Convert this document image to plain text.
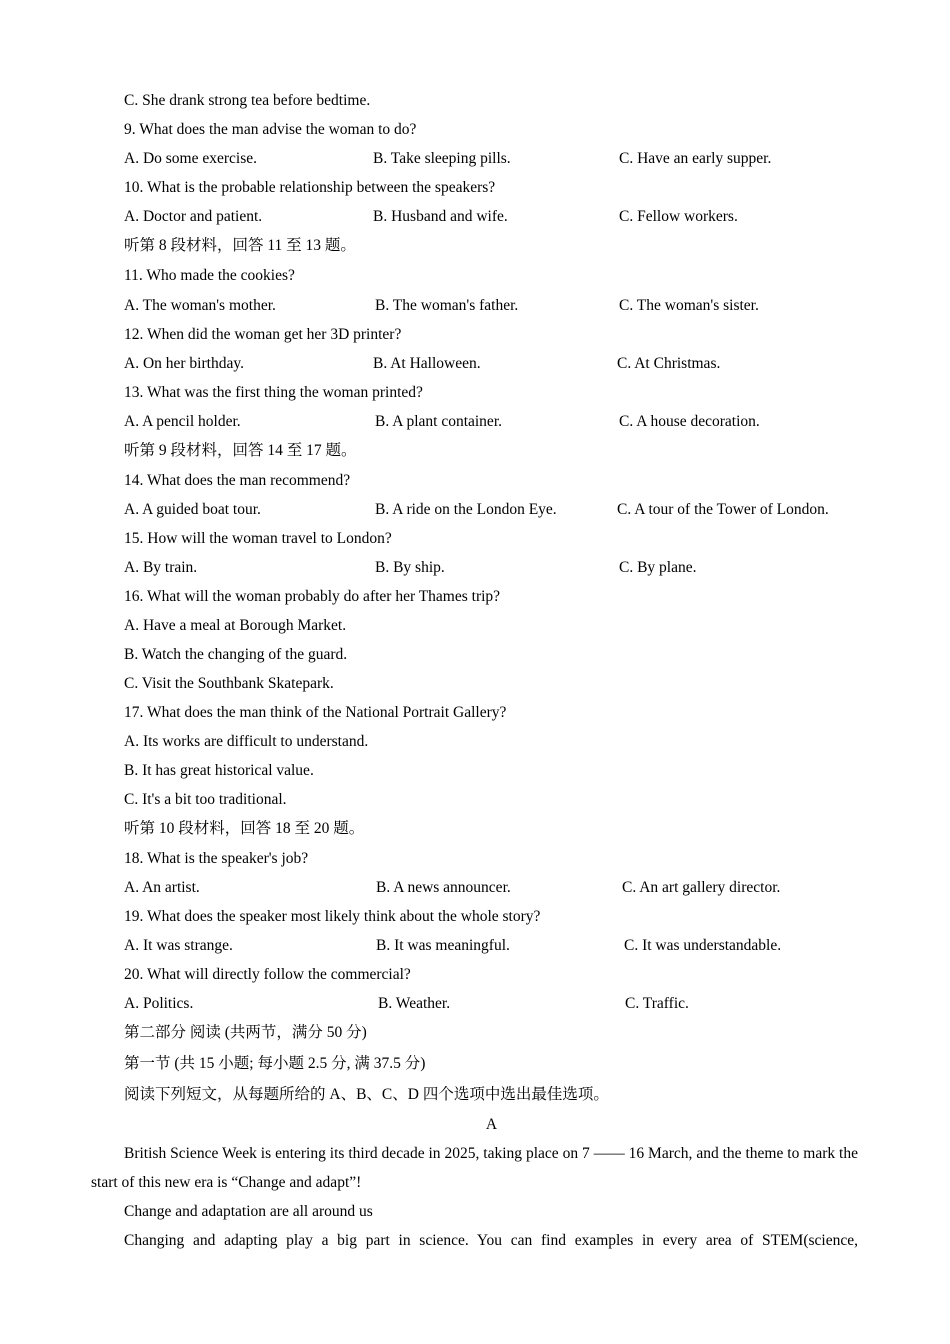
C. She drank strong tea before bedtime.
9. What does the man advise the woman to do?
A. Do some exercise.	B. Take sleeping pills.	C. Have an early supper.
10. What is the probable relationship between the speakers?
A. Doctor and patient.	B. Husband and wife.	C. Fellow workers.
听第 8 段材料，回答 11 至 13 题。
11. Who made the cookies?
A. The woman's mother.	B. The woman's father.	C. The woman's sister.
12. When did the woman get her 3D printer?
A. On her birthday.	B. At Halloween.	C. At Christmas.
13. What was the first thing the woman printed?
A. A pencil holder.	B. A plant container.	C. A house decoration.
听第 9 段材料，回答 14 至 17 题。
14. What does the man recommend?
A. A guided boat tour.	B. A ride on the London Eye.	C. A tour of the Tower of London.
15. How will the woman travel to London?
A. By train.	B. By ship.	C. By plane.
16. What will the woman probably do after her Thames trip?
A. Have a meal at Borough Market.
B. Watch the changing of the guard.
C. Visit the Southbank Skatepark.
17. What does the man think of the National Portrait Gallery?
A. Its works are difficult to understand.
B. It has great historical value.
C. It's a bit too traditional.
听第 10 段材料，回答 18 至 20 题。
18. What is the speaker's job?
A. An artist.	B. A news announcer.	C. An art gallery director.
19. What does the speaker most likely think about the whole story?
A. It was strange.	B. It was meaningful.	C. It was understandable.
20. What will directly follow the commercial?
A. Politics.	B. Weather.	C. Traffic.
第二部分 阅读 (共两节，满分 50 分)
第一节 (共 15 小题; 每小题 2.5 分, 满 37.5 分)
阅读下列短文，从每题所给的 A、B、C、D 四个选项中选出最佳选项。
A
British Science Week is entering its third decade in 2025, taking place on 7 —— 16 March, and the theme to mark the start of this new era is “Change and adapt”!
Change and adaptation are all around us
Changing and adapting play a big part in science. You can find examples in every area of STEM(science,
